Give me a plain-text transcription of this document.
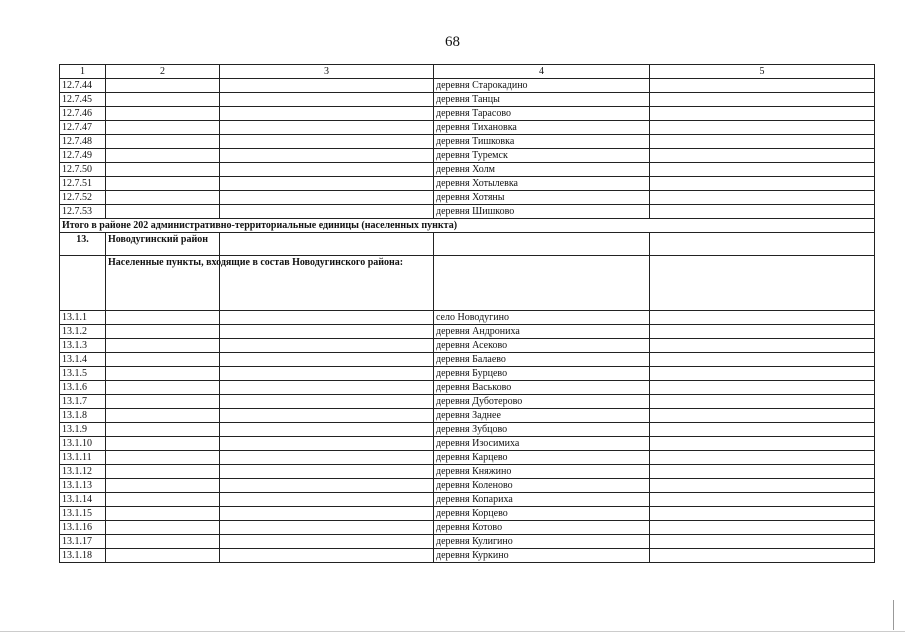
68
1	2	3	4	5
12.7.44			деревня Старокадино	
12.7.45			деревня Танцы	
12.7.46			деревня Тарасово	
12.7.47			деревня Тихановка	
12.7.48			деревня Тишковка	
12.7.49			деревня Туремск	
12.7.50			деревня Холм	
12.7.51			деревня Хотылевка	
12.7.52			деревня Хотяны	
12.7.53			деревня Шишково	
Итого в районе 202 административно-территориальные единицы (населенных пункта)				
13.	Новодугинский район			
	Населенные пункты, входящие в состав Новодугинского района:			
13.1.1			село Новодугино	
13.1.2			деревня Андрониха	
13.1.3			деревня Асеково	
13.1.4			деревня Балаево	
13.1.5			деревня Бурцево	
13.1.6			деревня Васьково	
13.1.7			деревня Дуботерово	
13.1.8			деревня Заднее	
13.1.9			деревня Зубцово	
13.1.10			деревня Изосимиха	
13.1.11			деревня Карцево	
13.1.12			деревня Княжино	
13.1.13			деревня Коленово	
13.1.14			деревня Копариха	
13.1.15			деревня Корцево	
13.1.16			деревня Котово	
13.1.17			деревня Кулигино	
13.1.18			деревня Куркино	
